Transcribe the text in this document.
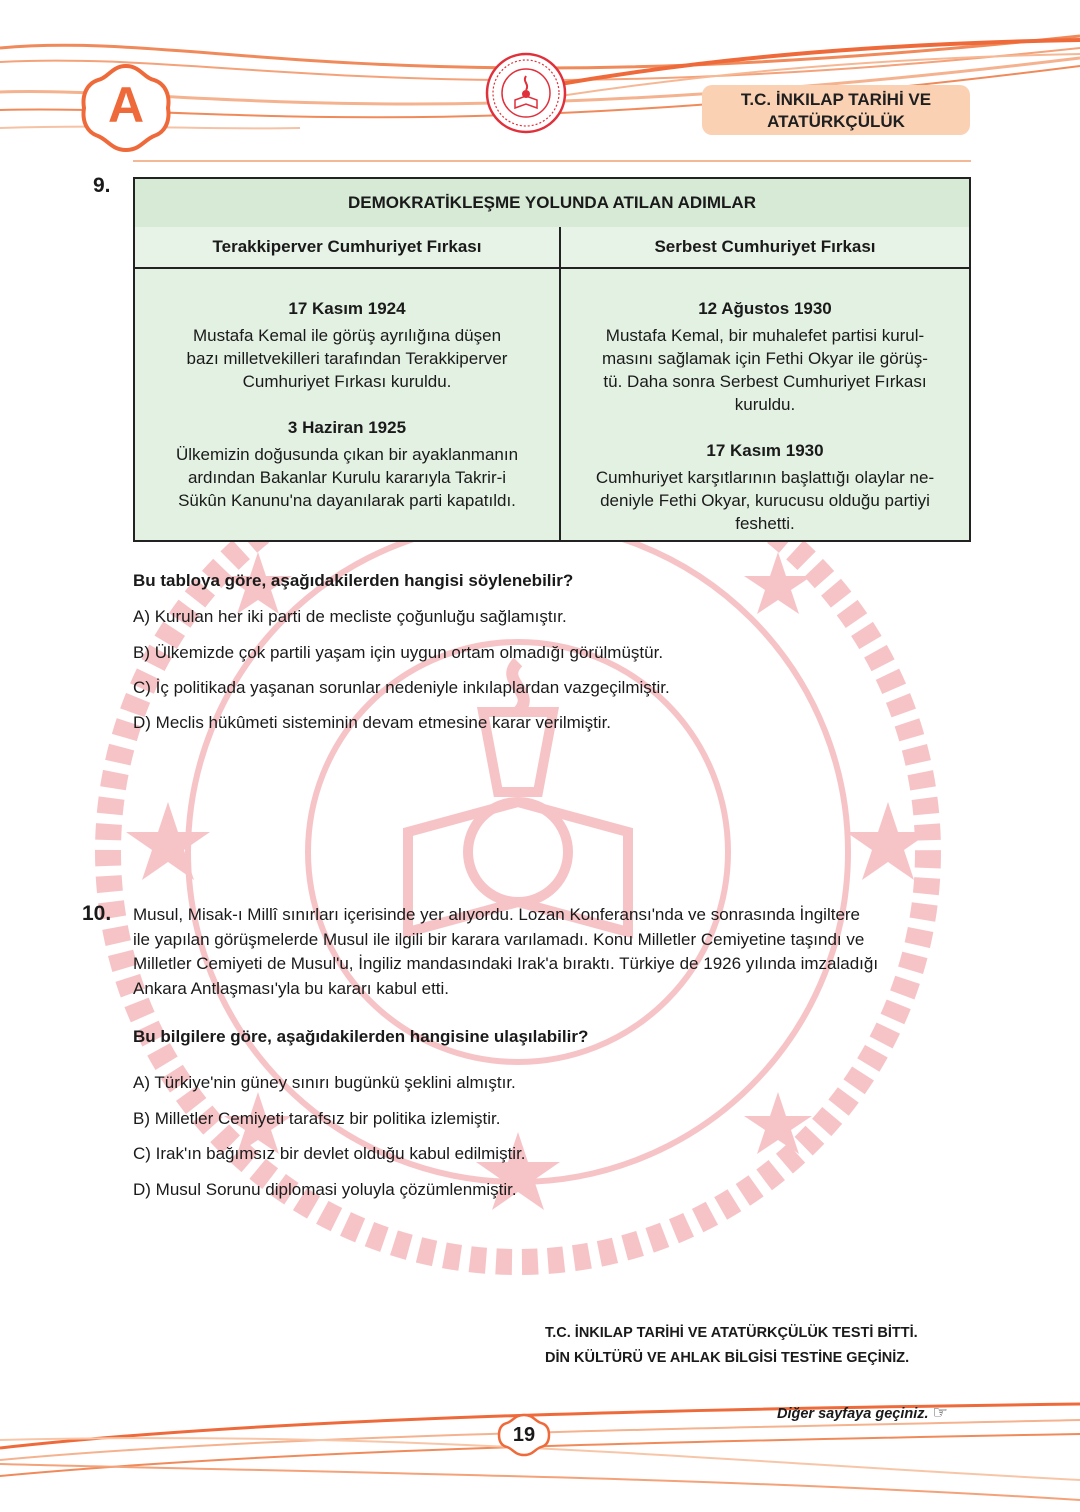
A	T.C. İNKILAP TARİHİ VE
ATATÜRKÇÜLÜK
9.
DEMOKRATİKLEŞME YOLUNDA ATILAN ADIMLAR
Terakkiperver Cumhuriyet Fırkası	Serbest Cumhuriyet Fırkası
17 Kasım 1924
Mustafa Kemal ile görüş ayrılığına düşen
bazı milletvekilleri tarafından Terakkiperver
Cumhuriyet Fırkası kuruldu.
3 Haziran 1925
Ülkemizin doğusunda çıkan bir ayaklanmanın
ardından Bakanlar Kurulu kararıyla Takrir-i
Sükûn Kanunu'na dayanılarak parti kapatıldı.
12 Ağustos 1930
Mustafa Kemal, bir muhalefet partisi kurul-
masını sağlamak için Fethi Okyar ile görüş-
tü. Daha sonra Serbest Cumhuriyet Fırkası
kuruldu.
17 Kasım 1930
Cumhuriyet karşıtlarının başlattığı olaylar ne-
deniyle Fethi Okyar, kurucusu olduğu partiyi
feshetti.
Bu tabloya göre, aşağıdakilerden hangisi söylenebilir?
A) Kurulan her iki parti de mecliste çoğunluğu sağlamıştır.
B) Ülkemizde çok partili yaşam için uygun ortam olmadığı görülmüştür.
C) İç politikada yaşanan sorunlar nedeniyle inkılaplardan vazgeçilmiştir.
D) Meclis hükûmeti sisteminin devam etmesine karar verilmiştir.
10. Musul, Misak-ı Millî sınırları içerisinde yer alıyordu. Lozan Konferansı'nda ve sonrasında İngiltere
ile yapılan görüşmelerde Musul ile ilgili bir karara varılamadı. Konu Milletler Cemiyetine taşındı ve
Milletler Cemiyeti de Musul'u, İngiliz mandasındaki Irak'a bıraktı. Türkiye de 1926 yılında imzaladığı
Ankara Antlaşması'yla bu kararı kabul etti.
Bu bilgilere göre, aşağıdakilerden hangisine ulaşılabilir?
A) Türkiye'nin güney sınırı bugünkü şeklini almıştır.
B) Milletler Cemiyeti tarafsız bir politika izlemiştir.
C) Irak'ın bağımsız bir devlet olduğu kabul edilmiştir.
D) Musul Sorunu diplomasi yoluyla çözümlenmiştir.
T.C. İNKILAP TARİHİ VE ATATÜRKÇÜLÜK TESTİ BİTTİ.
DİN KÜLTÜRÜ VE AHLAK BİLGİSİ TESTİNE GEÇİNİZ.
Diğer sayfaya geçiniz. ☞
19
